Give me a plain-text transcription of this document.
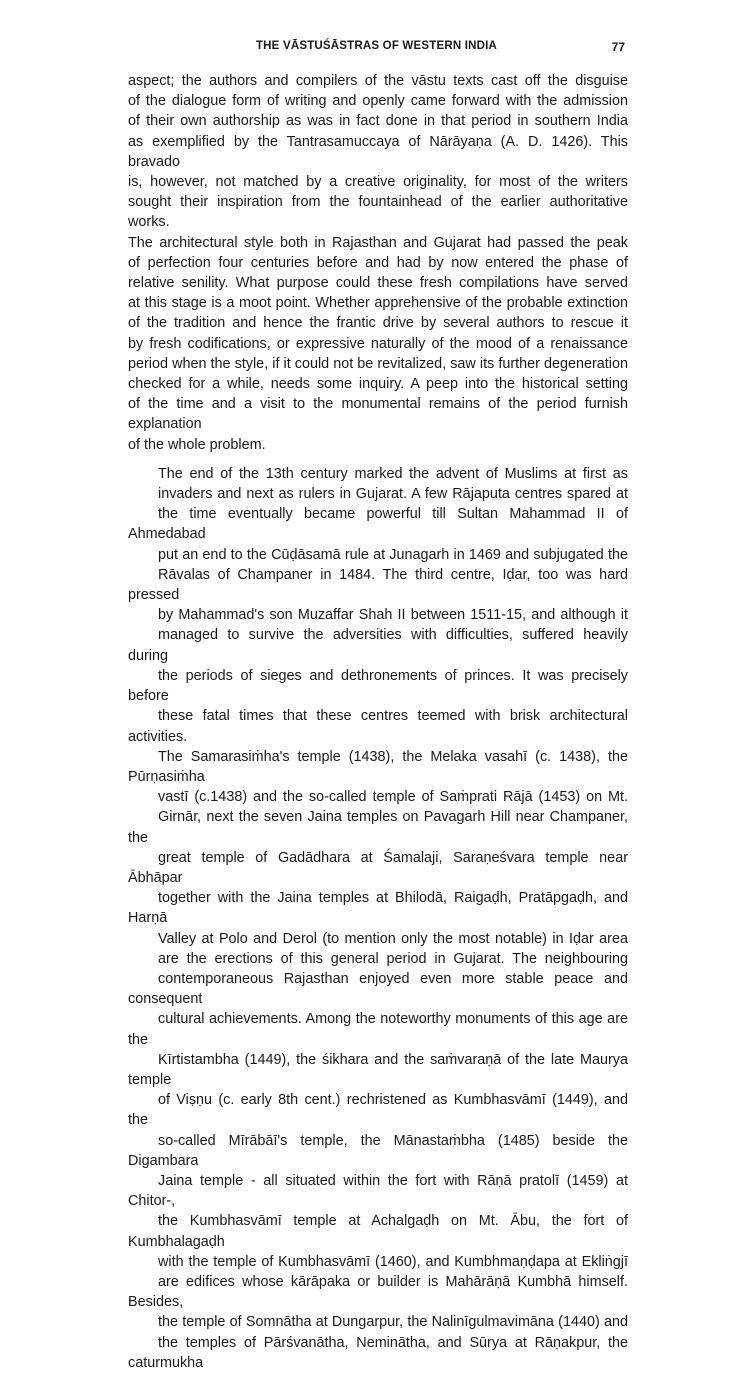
THE VĀSTUŚĀSTRAS OF WESTERN INDIA	77

aspect; the authors and compilers of the vāstu texts cast off the disguise
of the dialogue form of writing and openly came forward with the admission
of their own authorship as was in fact done in that period in southern India
as exemplified by the Tantrasamuccaya of Nārāyaṇa (A. D. 1426). This bravado
is, however, not matched by a creative originality, for most of the writers
sought their inspiration from the fountainhead of the earlier authoritative works.
The architectural style both in Rajasthan and Gujarat had passed the peak
of perfection four centuries before and had by now entered the phase of
relative senility. What purpose could these fresh compilations have served
at this stage is a moot point. Whether apprehensive of the probable extinction
of the tradition and hence the frantic drive by several authors to rescue it
by fresh codifications, or expressive naturally of the mood of a renaissance
period when the style, if it could not be revitalized, saw its further degeneration
checked for a while, needs some inquiry. A peep into the historical setting
of the time and a visit to the monumental remains of the period furnish explanation
of the whole problem.

The end of the 13th century marked the advent of Muslims at first as
invaders and next as rulers in Gujarat. A few Rājaputa centres spared at
the time eventually became powerful till Sultan Mahammad II of Ahmedabad
put an end to the Cūḍāsamā rule at Junagarh in 1469 and subjugated the
Rāvalas of Champaner in 1484. The third centre, Iḍar, too was hard pressed
by Mahammad's son Muzaffar Shah II between 1511-15, and although it
managed to survive the adversities with difficulties, suffered heavily during
the periods of sieges and dethronements of princes. It was precisely before
these fatal times that these centres teemed with brisk architectural activities.
The Samarasiṁha's temple (1438), the Melaka vasahī (c. 1438), the Pūrṇasiṁha
vastī (c.1438) and the so-called temple of Saṁprati Rājā (1453) on Mt.
Girnār, next the seven Jaina temples on Pavagarh Hill near Champaner, the
great temple of Gadādhara at Śamalaji, Saraṇeśvara temple near Ābhāpar
together with the Jaina temples at Bhilodā, Raigaḍh, Pratāpgaḍh, and Harṇā
Valley at Polo and Derol (to mention only the most notable) in Iḍar area
are the erections of this general period in Gujarat. The neighbouring
contemporaneous Rajasthan enjoyed even more stable peace and consequent
cultural achievements. Among the noteworthy monuments of this age are the
Kīrtistambha (1449), the śikhara and the saṁvaraṇā of the late Maurya temple
of Viṣṇu (c. early 8th cent.) rechristened as Kumbhasvāmī (1449), and the
so-called Mīrābāī's temple, the Mānastaṁbha (1485) beside the Digambara
Jaina temple - all situated within the fort with Rāṇā pratolī (1459) at Chitor-,
the Kumbhasvāmī temple at Achalgaḍh on Mt. Ābu, the fort of Kumbhalagaḍh
with the temple of Kumbhasvāmī (1460), and Kumbhmaṇḍapa at Ekliṅgjī
are edifices whose kārāpaka or builder is Mahārāṇā Kumbhā himself. Besides,
the temple of Somnātha at Dungarpur, the Nalinīgulmavimāna (1440) and
the temples of Pārśvanātha, Neminātha, and Sūrya at Rāṇakpur, the caturmukha
